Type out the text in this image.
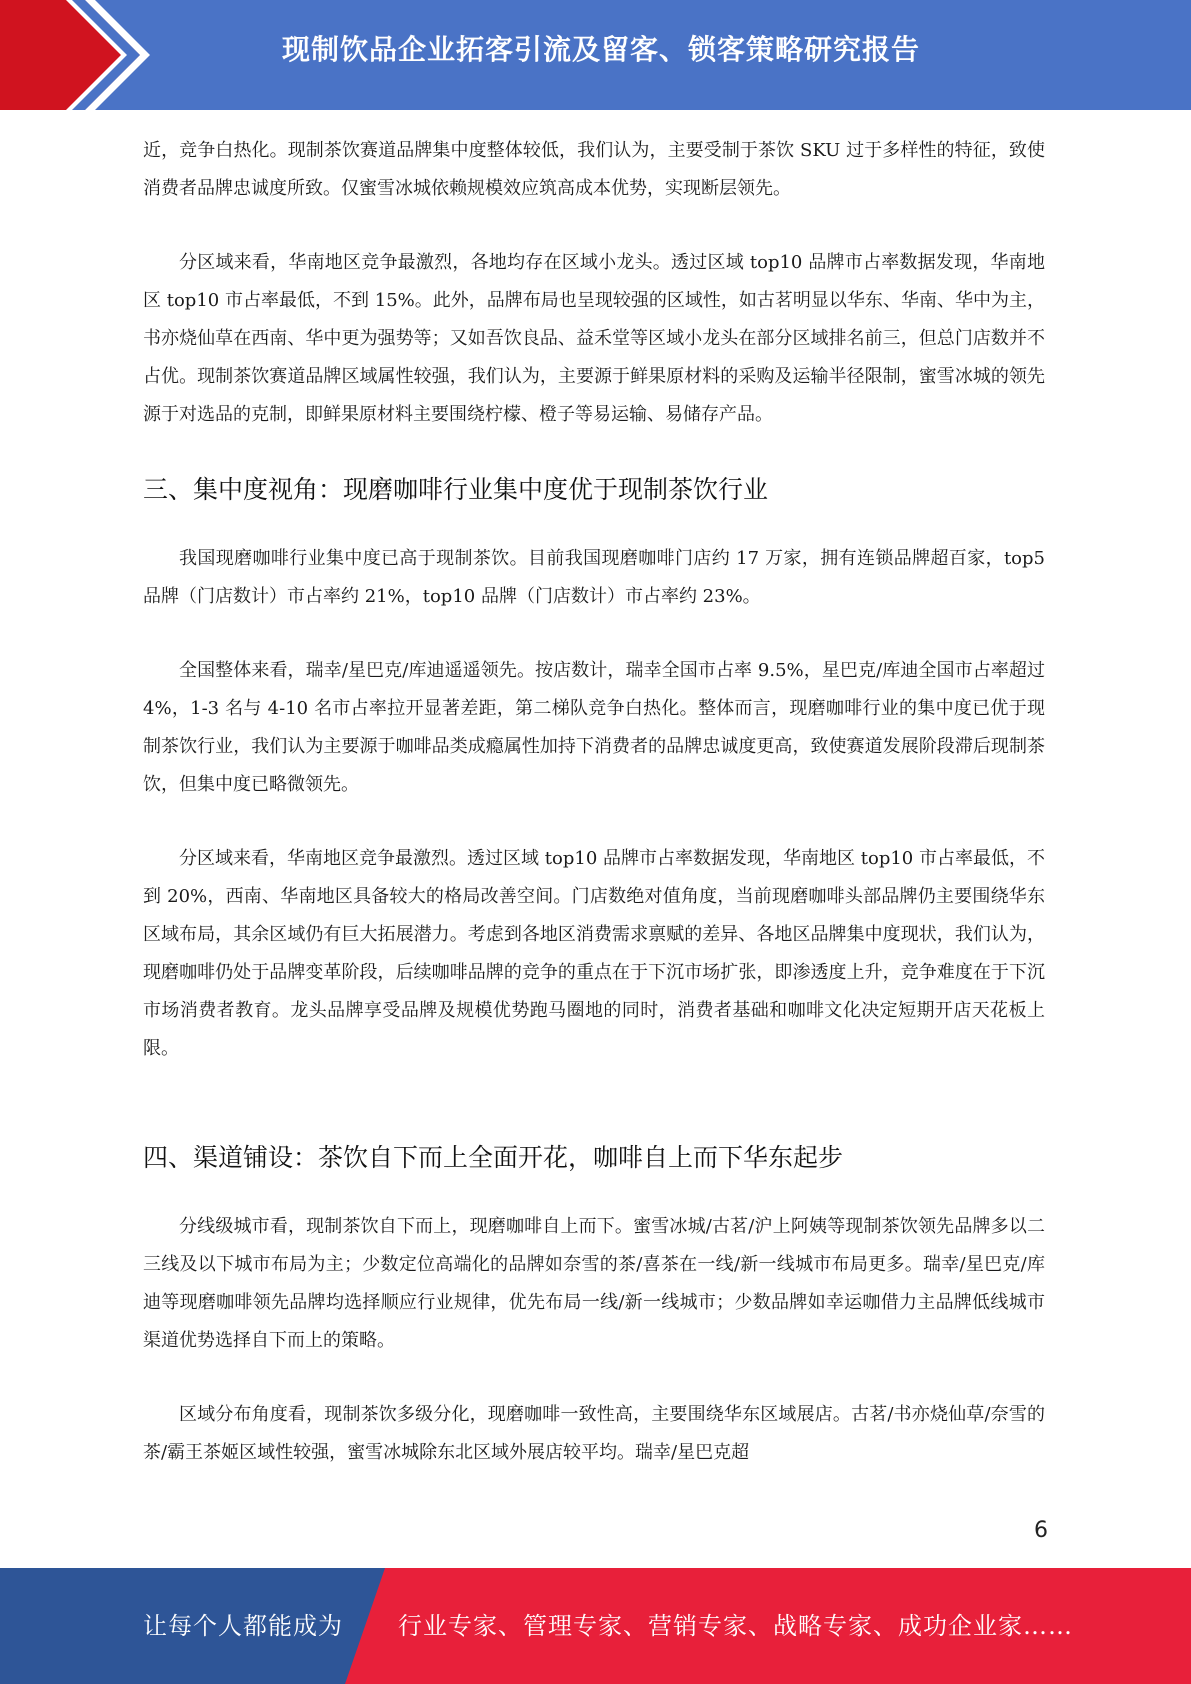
现制饮品企业拓客引流及留客、锁客策略研究报告

近，竞争白热化。现制茶饮赛道品牌集中度整体较低，我们认为，主要受制于茶饮 SKU 过于多样性的特征，致使消费者品牌忠诚度所致。仅蜜雪冰城依赖规模效应筑高成本优势，实现断层领先。

分区域来看，华南地区竞争最激烈，各地均存在区域小龙头。透过区域 top10 品牌市占率数据发现，华南地区 top10 市占率最低，不到 15%。此外，品牌布局也呈现较强的区域性，如古茗明显以华东、华南、华中为主，书亦烧仙草在西南、华中更为强势等；又如吾饮良品、益禾堂等区域小龙头在部分区域排名前三，但总门店数并不占优。现制茶饮赛道品牌区域属性较强，我们认为，主要源于鲜果原材料的采购及运输半径限制，蜜雪冰城的领先源于对选品的克制，即鲜果原材料主要围绕柠檬、橙子等易运输、易储存产品。

三、集中度视角：现磨咖啡行业集中度优于现制茶饮行业

我国现磨咖啡行业集中度已高于现制茶饮。目前我国现磨咖啡门店约 17 万家，拥有连锁品牌超百家，top5 品牌（门店数计）市占率约 21%，top10 品牌（门店数计）市占率约 23%。

全国整体来看，瑞幸/星巴克/库迪遥遥领先。按店数计，瑞幸全国市占率 9.5%，星巴克/库迪全国市占率超过 4%，1-3 名与 4-10 名市占率拉开显著差距，第二梯队竞争白热化。整体而言，现磨咖啡行业的集中度已优于现制茶饮行业，我们认为主要源于咖啡品类成瘾属性加持下消费者的品牌忠诚度更高，致使赛道发展阶段滞后现制茶饮，但集中度已略微领先。

分区域来看，华南地区竞争最激烈。透过区域 top10 品牌市占率数据发现，华南地区 top10 市占率最低，不到 20%，西南、华南地区具备较大的格局改善空间。门店数绝对值角度，当前现磨咖啡头部品牌仍主要围绕华东区域布局，其余区域仍有巨大拓展潜力。考虑到各地区消费需求禀赋的差异、各地区品牌集中度现状，我们认为，现磨咖啡仍处于品牌变革阶段，后续咖啡品牌的竞争的重点在于下沉市场扩张，即渗透度上升，竞争难度在于下沉市场消费者教育。龙头品牌享受品牌及规模优势跑马圈地的同时，消费者基础和咖啡文化决定短期开店天花板上限。

四、渠道铺设：茶饮自下而上全面开花，咖啡自上而下华东起步

分线级城市看，现制茶饮自下而上，现磨咖啡自上而下。蜜雪冰城/古茗/沪上阿姨等现制茶饮领先品牌多以二三线及以下城市布局为主；少数定位高端化的品牌如奈雪的茶/喜茶在一线/新一线城市布局更多。瑞幸/星巴克/库迪等现磨咖啡领先品牌均选择顺应行业规律，优先布局一线/新一线城市；少数品牌如幸运咖借力主品牌低线城市渠道优势选择自下而上的策略。

区域分布角度看，现制茶饮多级分化，现磨咖啡一致性高，主要围绕华东区域展店。古茗/书亦烧仙草/奈雪的茶/霸王茶姬区域性较强，蜜雪冰城除东北区域外展店较平均。瑞幸/星巴克超

6
让每个人都能成为 行业专家、管理专家、营销专家、战略专家、成功企业家……
